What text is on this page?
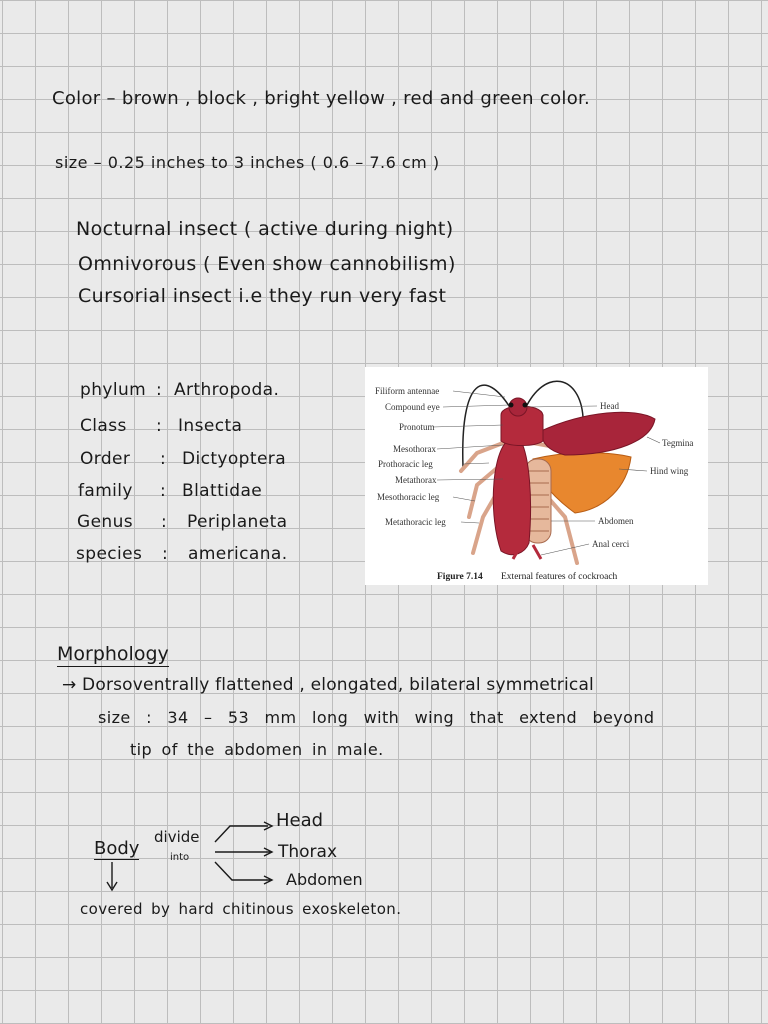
Color – brown , block , bright yellow , red and green color.
size – 0.25 inches to 3 inches ( 0.6 – 7.6 cm )
Nocturnal insect ( active during night)
Omnivorous ( Even show cannobilism)
Cursorial insect i.e they run very fast
phylum : Arthropoda.
Class : Insecta
Order : Dictyoptera
family : Blattidae
Genus : Periplaneta
species : americana.
Filiform antennae
Compound eye
Pronotum
Mesothorax
Prothoracic leg
Metathorax
Mesothoracic leg
Metathoracic leg
Head
Tegmina
Hind wing
Abdomen
Anal cerci
Figure 7.14 External features of cockroach
Morphology
→ Dorsoventrally flattened , elongated, bilateral symmetrical
size : 34 – 53 mm long with wing that extend beyond
tip of the abdomen in male.
Body
divide
into
Head
Thorax
Abdomen
covered by hard chitinous exoskeleton.
